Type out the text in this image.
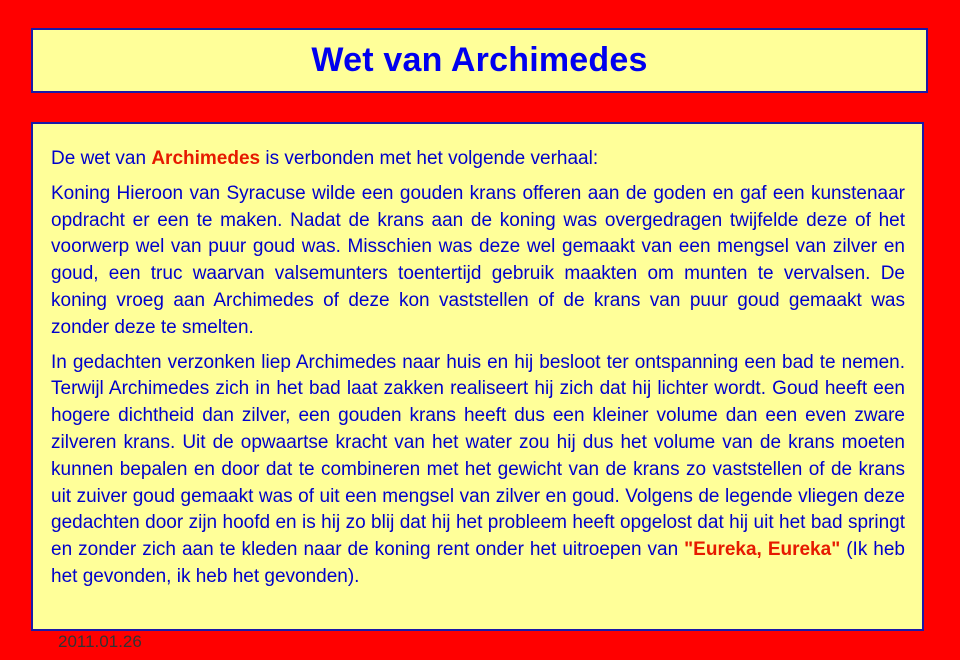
Wet van Archimedes

De wet van Archimedes is verbonden met het volgende verhaal:

Koning Hieroon van Syracuse wilde een gouden krans offeren aan de goden en gaf een kunstenaar opdracht er een te maken. Nadat de krans aan de koning was overgedragen twijfelde deze of het voorwerp wel van puur goud was. Misschien was deze wel gemaakt van een mengsel van zilver en goud, een truc waarvan valsemunters toentertijd gebruik maakten om munten te vervalsen. De koning vroeg aan Archimedes of deze kon vaststellen of de krans van puur goud gemaakt was zonder deze te smelten.

In gedachten verzonken liep Archimedes naar huis en hij besloot ter ontspanning een bad te nemen. Terwijl Archimedes zich in het bad laat zakken realiseert hij zich dat hij lichter wordt. Goud heeft een hogere dichtheid dan zilver, een gouden krans heeft dus een kleiner volume dan een even zware zilveren krans. Uit de opwaartse kracht van het water zou hij dus het volume van de krans moeten kunnen bepalen en door dat te combineren met het gewicht van de krans zo vaststellen of de krans uit zuiver goud gemaakt was of uit een mengsel van zilver en goud. Volgens de legende vliegen deze gedachten door zijn hoofd en is hij zo blij dat hij het probleem heeft opgelost dat hij uit het bad springt en zonder zich aan te kleden naar de koning rent onder het uitroepen van "Eureka, Eureka" (Ik heb het gevonden, ik heb het gevonden).

2011.01.26
